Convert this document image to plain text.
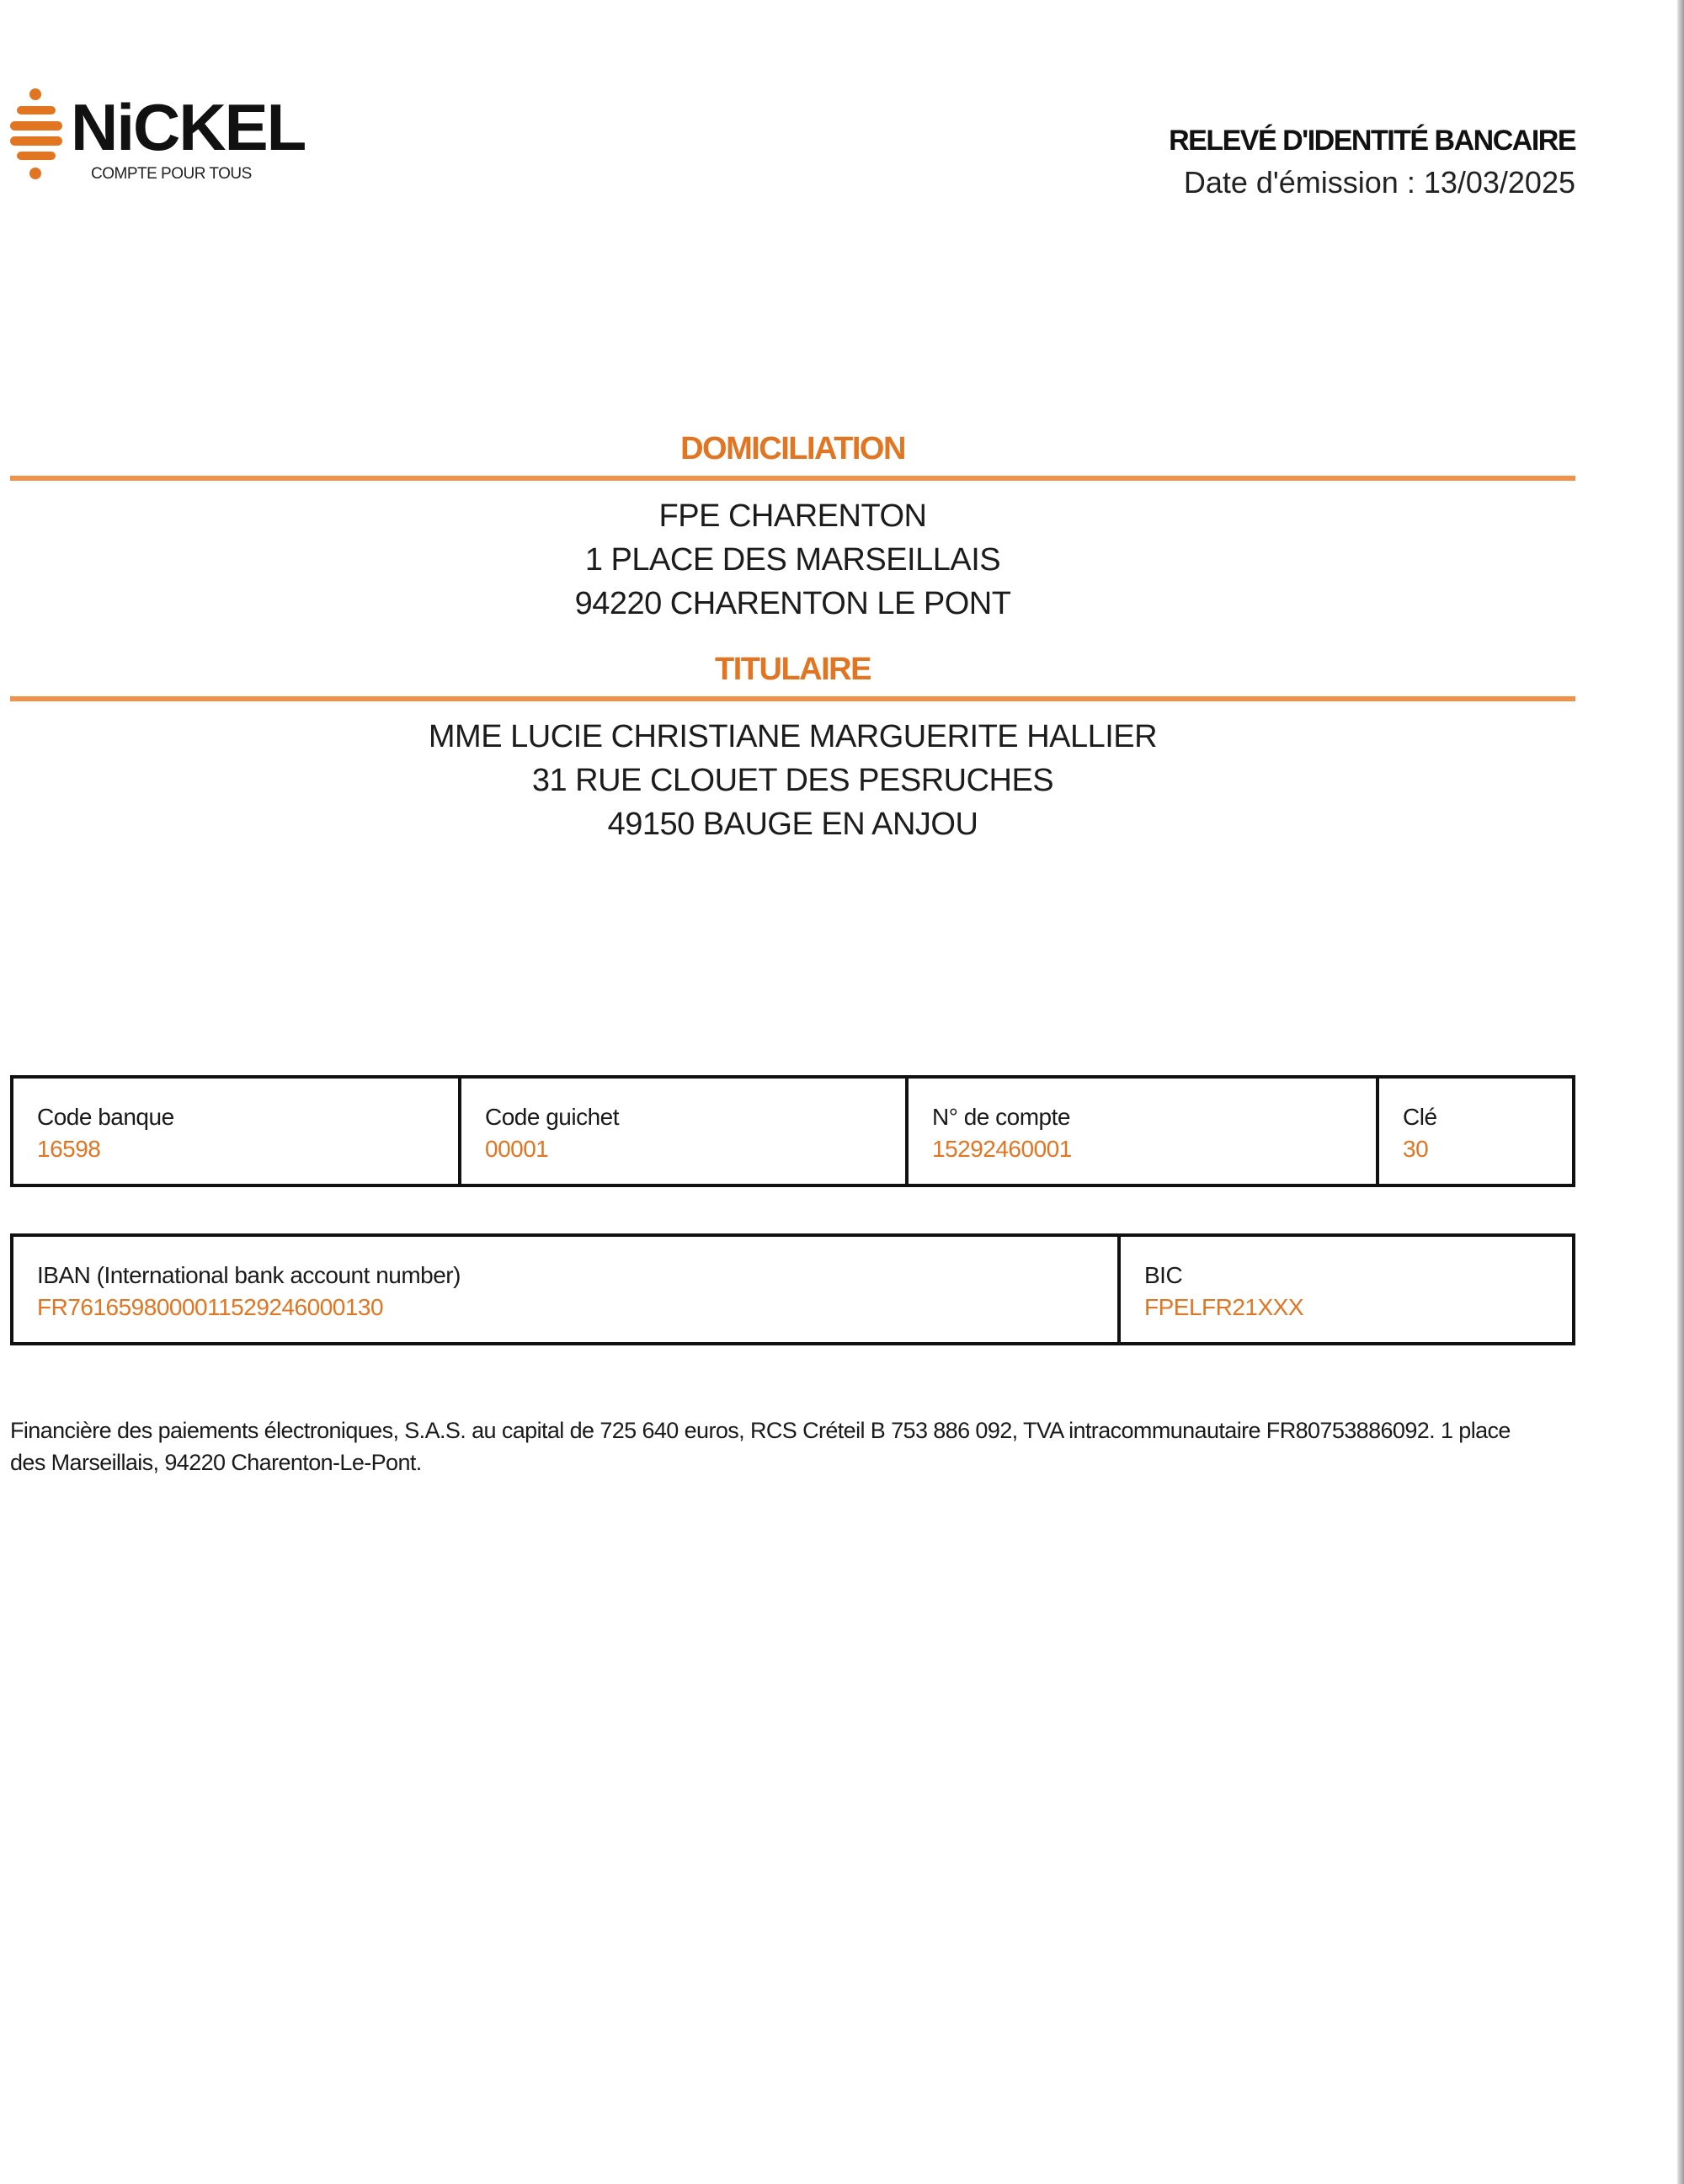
NiCKEL
COMPTE POUR TOUS
RELEVÉ D'IDENTITÉ BANCAIRE
Date d'émission : 13/03/2025
DOMICILIATION
FPE CHARENTON
1 PLACE DES MARSEILLAIS
94220 CHARENTON LE PONT
TITULAIRE
MME LUCIE CHRISTIANE MARGUERITE HALLIER
31 RUE CLOUET DES PESRUCHES
49150 BAUGE EN ANJOU
Code banque
16598
Code guichet
00001
N° de compte
15292460001
Clé
30
IBAN (International bank account number)
FR7616598000011529246000130
BIC
FPELFR21XXX
Financière des paiements électroniques, S.A.S. au capital de 725 640 euros, RCS Créteil B 753 886 092, TVA intracommunautaire FR80753886092. 1 place des Marseillais, 94220 Charenton-Le-Pont.
